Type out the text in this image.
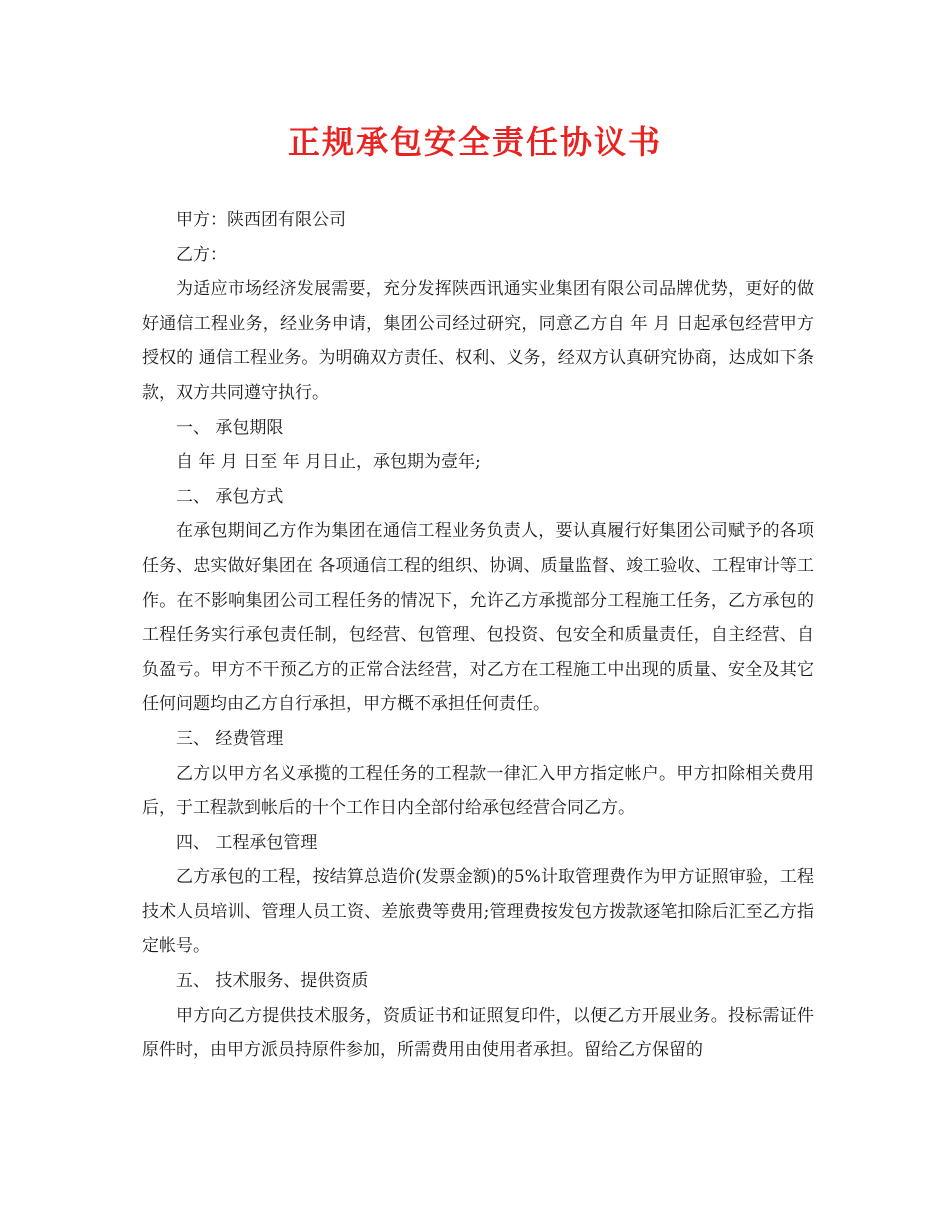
正规承包安全责任协议书

甲方：陕西团有限公司

乙方：

为适应市场经济发展需要，充分发挥陕西讯通实业集团有限公司品牌优势，更好的做好通信工程业务，经业务申请，集团公司经过研究，同意乙方自 年 月 日起承包经营甲方授权的 通信工程业务。为明确双方责任、权利、义务，经双方认真研究协商，达成如下条款，双方共同遵守执行。

一、 承包期限

自 年 月 日至 年 月日止，承包期为壹年;

二、 承包方式

在承包期间乙方作为集团在通信工程业务负责人，要认真履行好集团公司赋予的各项任务、忠实做好集团在 各项通信工程的组织、协调、质量监督、竣工验收、工程审计等工作。在不影响集团公司工程任务的情况下，允许乙方承揽部分工程施工任务，乙方承包的工程任务实行承包责任制，包经营、包管理、包投资、包安全和质量责任，自主经营、自负盈亏。甲方不干预乙方的正常合法经营，对乙方在工程施工中出现的质量、安全及其它任何问题均由乙方自行承担，甲方概不承担任何责任。

三、 经费管理

乙方以甲方名义承揽的工程任务的工程款一律汇入甲方指定帐户。甲方扣除相关费用后，于工程款到帐后的十个工作日内全部付给承包经营合同乙方。

四、 工程承包管理

乙方承包的工程，按结算总造价(发票金额)的5%计取管理费作为甲方证照审验，工程技术人员培训、管理人员工资、差旅费等费用;管理费按发包方拨款逐笔扣除后汇至乙方指定帐号。

五、 技术服务、提供资质

甲方向乙方提供技术服务，资质证书和证照复印件，以便乙方开展业务。投标需证件原件时，由甲方派员持原件参加，所需费用由使用者承担。留给乙方保留的
